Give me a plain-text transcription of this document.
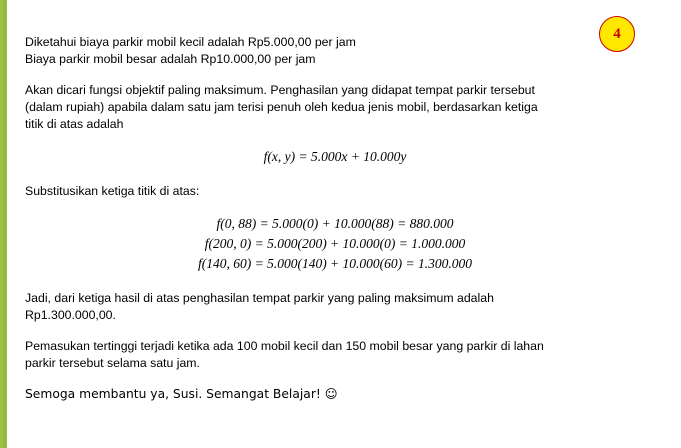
4

Diketahui biaya parkir mobil kecil adalah Rp5.000,00 per jam

Biaya parkir mobil besar adalah Rp10.000,00 per jam

Akan dicari fungsi objektif paling maksimum. Penghasilan yang didapat tempat parkir tersebut

(dalam rupiah) apabila dalam satu jam terisi penuh oleh kedua jenis mobil, berdasarkan ketiga

titik di atas adalah

f(x, y) = 5.000x + 10.000y

Substitusikan ketiga titik di atas:

f(0, 88) = 5.000(0) + 10.000(88) = 880.000
f(200, 0) = 5.000(200) + 10.000(0) = 1.000.000
f(140, 60) = 5.000(140) + 10.000(60) = 1.300.000

Jadi, dari ketiga hasil di atas penghasilan tempat parkir yang paling maksimum adalah

Rp1.300.000,00.

Pemasukan tertinggi terjadi ketika ada 100 mobil kecil dan 150 mobil besar yang parkir di lahan

parkir tersebut selama satu jam.

Semoga membantu ya, Susi. Semangat Belajar! ☺
